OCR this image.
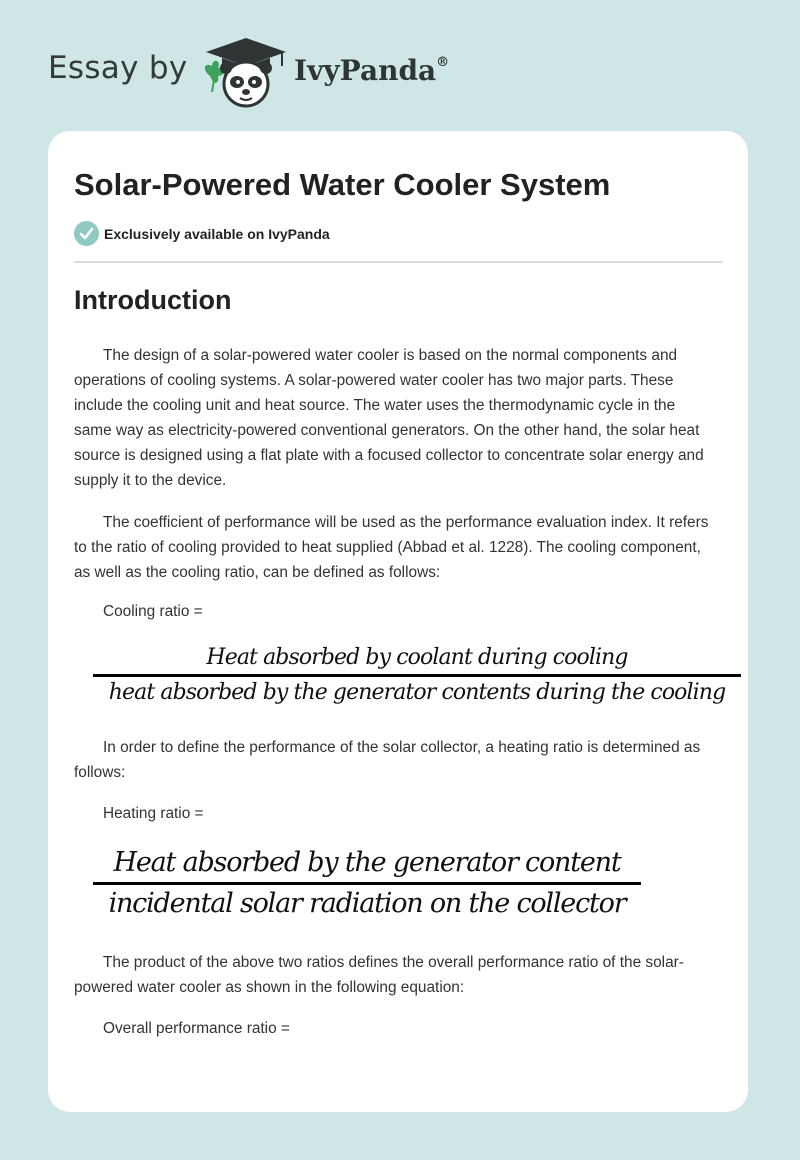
Essay by	IvyPanda®
Solar-Powered Water Cooler System
Exclusively available on IvyPanda
Introduction

The design of a solar-powered water cooler is based on the normal components and operations of cooling systems. A solar-powered water cooler has two major parts. These include the cooling unit and heat source. The water uses the thermodynamic cycle in the same way as electricity-powered conventional generators. On the other hand, the solar heat source is designed using a flat plate with a focused collector to concentrate solar energy and supply it to the device.

The coefficient of performance will be used as the performance evaluation index. It refers to the ratio of cooling provided to heat supplied (Abbad et al. 1228). The cooling component, as well as the cooling ratio, can be defined as follows:

Cooling ratio =

Heat absorbed by coolant during cooling
heat absorbed by the generator contents during the cooling

In order to define the performance of the solar collector, a heating ratio is determined as follows:

Heating ratio =

Heat absorbed by the generator content
incidental solar radiation on the collector

The product of the above two ratios defines the overall performance ratio of the solar-powered water cooler as shown in the following equation:

Overall performance ratio =
